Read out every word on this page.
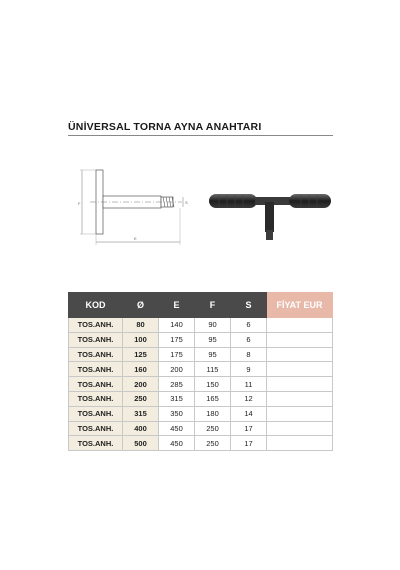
ÜNİVERSAL TORNA AYNA ANAHTARI
F	S
E
KOD	Ø	E	F	S	FİYAT EUR
TOS.ANH.	80	140	90	6	
TOS.ANH.	100	175	95	6	
TOS.ANH.	125	175	95	8	
TOS.ANH.	160	200	115	9	
TOS.ANH.	200	285	150	11	
TOS.ANH.	250	315	165	12	
TOS.ANH.	315	350	180	14	
TOS.ANH.	400	450	250	17	
TOS.ANH.	500	450	250	17	
